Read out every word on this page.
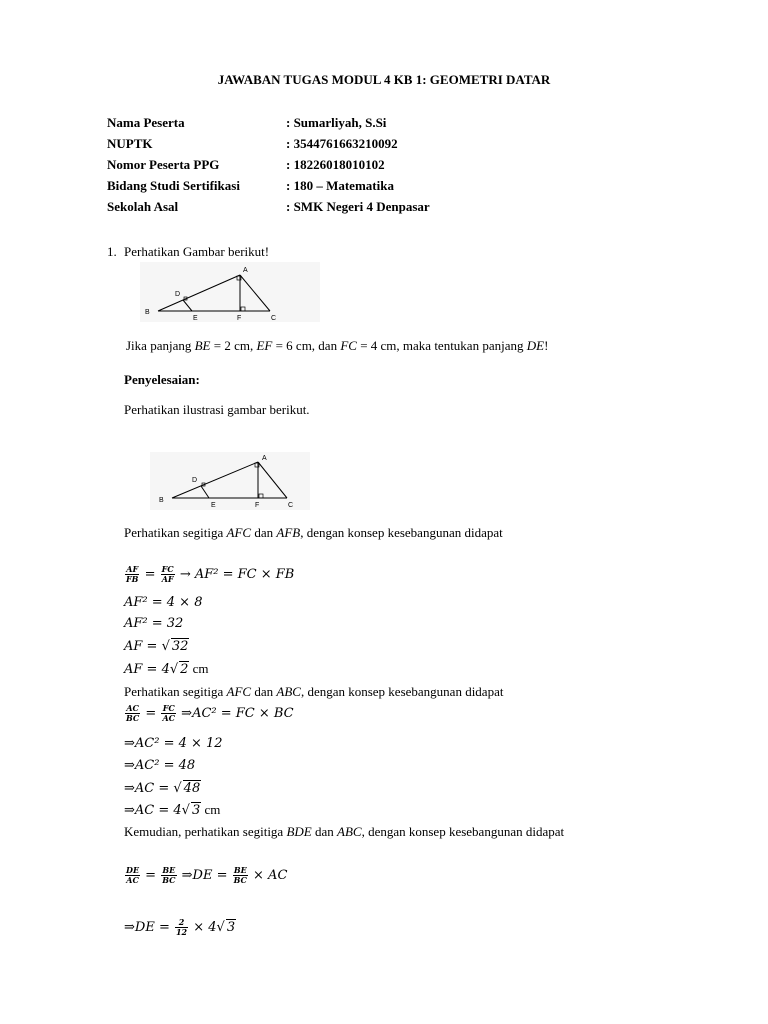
JAWABAN TUGAS MODUL 4 KB 1: GEOMETRI DATAR
Nama Peserta	: Sumarliyah, S.Si
NUPTK	: 3544761663210092
Nomor Peserta PPG	: 18226018010102
Bidang Studi Sertifikasi	: 180 – Matematika
Sekolah Asal	: SMK Negeri 4 Denpasar
1. Perhatikan Gambar berikut!
A
B
C
D
E	F
Jika panjang BE = 2 cm, EF = 6 cm, dan FC = 4 cm, maka tentukan panjang DE!
Penyelesaian:
Perhatikan ilustrasi gambar berikut.
A
B
C
D
E	F
Perhatikan segitiga AFC dan AFB, dengan konsep kesebangunan didapat
$\frac{AF}{FB} = \frac{FC}{AF} \to AF^2$ = FC × FB
AF² = 4 × 8
AF² = 32
AF = √ 32
AF = 4√ 2 cm
Perhatikan segitiga AFC dan ABC, dengan konsep kesebangunan didapat
$\frac{AC}{BC} = \frac{FC}{AC}$ ⇒AC² = FC × BC
⇒AC² = 4 × 12
⇒AC² = 48
⇒AC = √ 48
⇒AC = 4√ 3 cm
Kemudian, perhatikan segitiga BDE dan ABC, dengan konsep kesebangunan didapat
$\frac{DE}{AC} = \frac{BE}{BC}$ ⇒DE = $\frac{BE}{BC}$ × AC
⇒DE = $\frac{2}{12} \times 4√$ 3
